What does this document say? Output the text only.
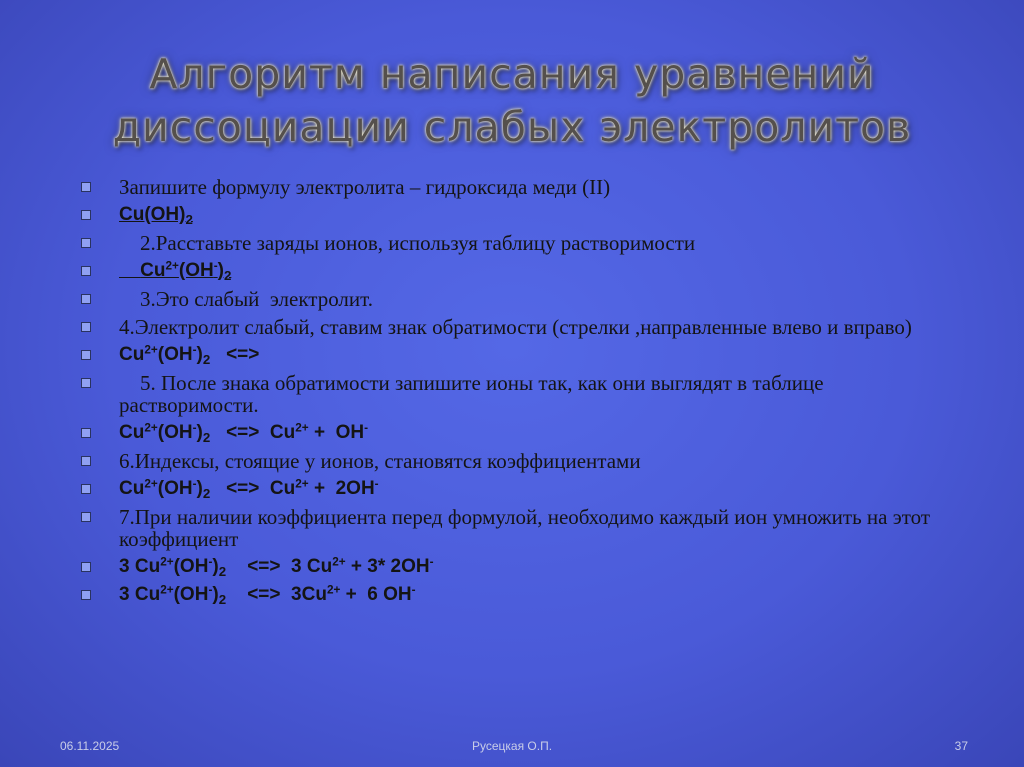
Алгоритм написания уравнений
диссоциации слабых электролитов
Запишите формулу электролита – гидроксида меди (II)
$Cu(OH)_2$
2.Расставьте заряды ионов, используя таблицу растворимости
$Cu^{2+}(OH^-)_2$
3.Это слабый  электролит.
4.Электролит слабый, ставим знак обратимости (стрелки ,направленные влево и вправо)
$Cu^{2+}(OH^-)_2$   <=>
5. После знака обратимости запишите ионы так, как они выглядят в таблице растворимости.
$Cu^{2+}(OH^-)_2$   <=>  $Cu^{2+} + OH^-$
6.Индексы, стоящие у ионов, становятся коэффициентами
$Cu^{2+}(OH^-)_2$   <=>  $Cu^{2+} + 2OH^-$
7.При наличии коэффициента перед формулой, необходимо каждый ион умножить на этот коэффициент
3 $Cu^{2+}(OH^-)_2$    <=>  3 $Cu^{2+} + 3*$ 2OH-
3 $Cu^{2+}(OH^-)_2$    <=>  $3Cu^{2+} + 6$ OH-
06.11.2025	Русецкая О.П.	37
